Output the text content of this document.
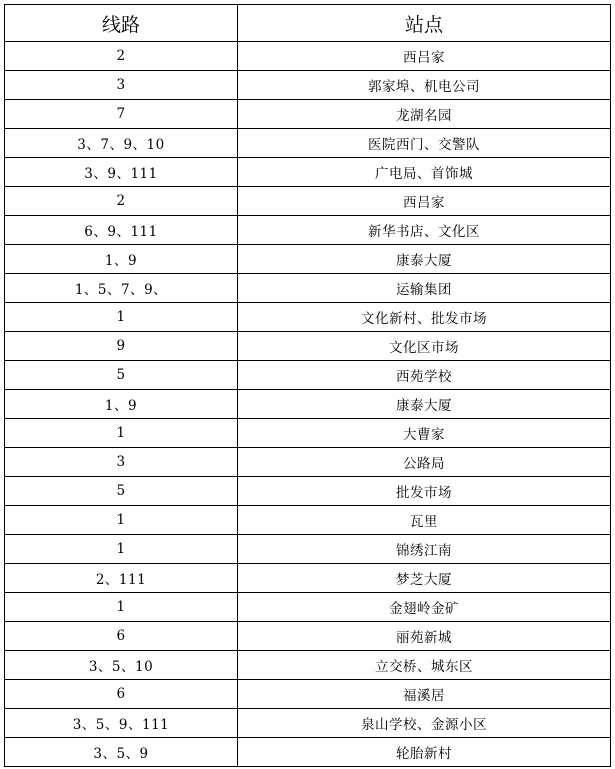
线路	站点
2	西吕家
3	郭家埠、机电公司
7	龙湖名园
3、7、9、10	医院西门、交警队
3、9、111	广电局、首饰城
2	西吕家
6、9、111	新华书店、文化区
1、9	康泰大厦
1、5、7、9、	运输集团
1	文化新村、批发市场
9	文化区市场
5	西苑学校
1、9	康泰大厦
1	大曹家
3	公路局
5	批发市场
1	瓦里
1	锦绣江南
2、111	梦芝大厦
1	金翅岭金矿
6	丽苑新城
3、5、10	立交桥、城东区
6	福溪居
3、5、9、111	泉山学校、金源小区
3、5、9	轮胎新村
